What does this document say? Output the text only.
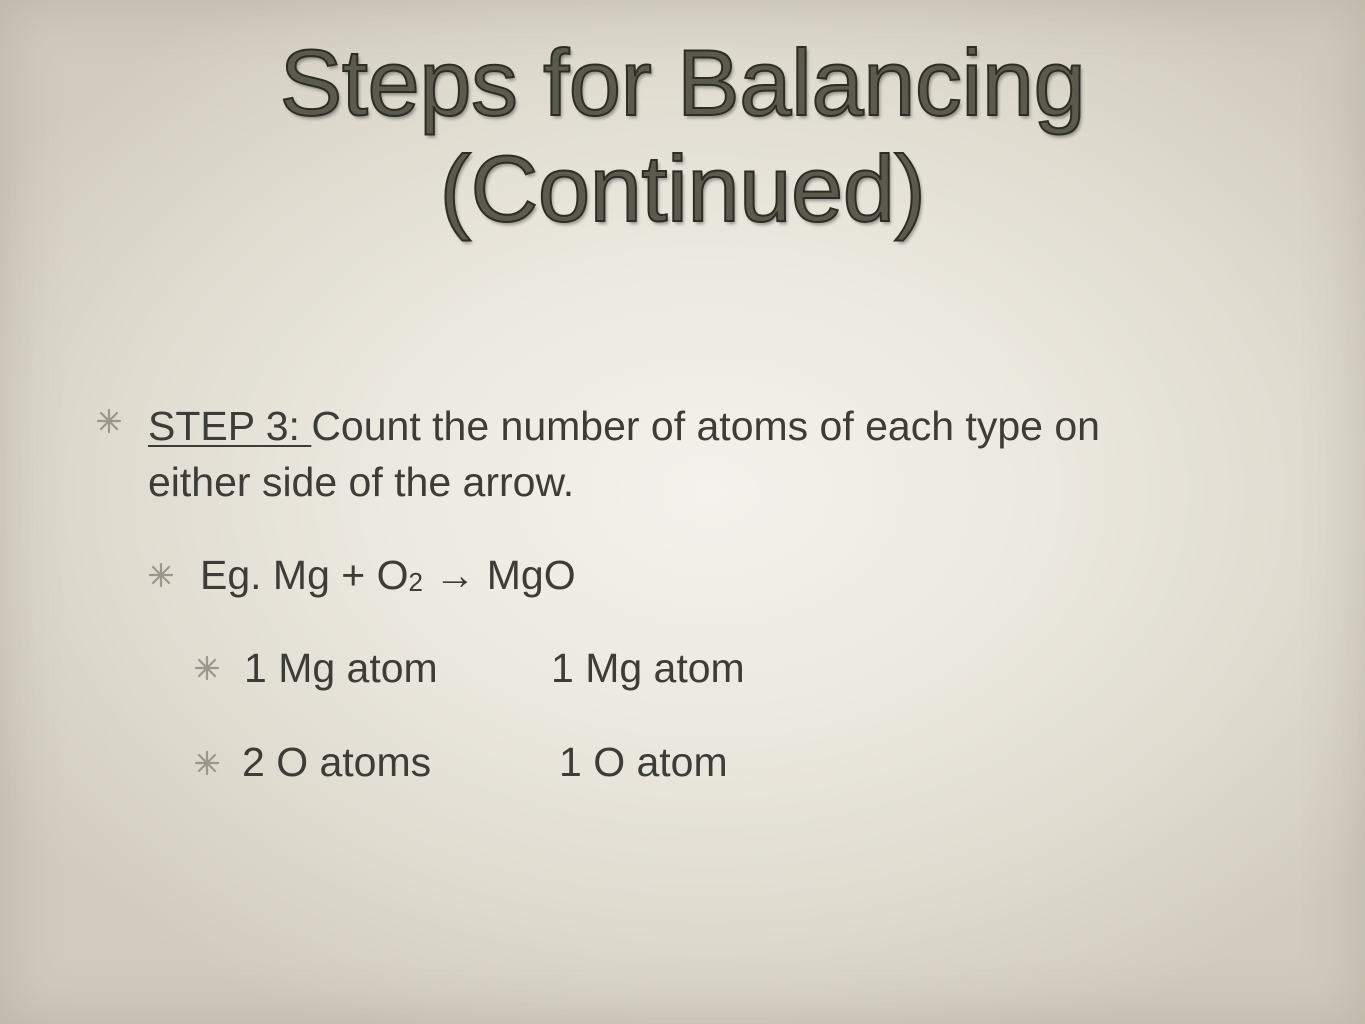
Steps for Balancing
(Continued)
STEP 3: Count the number of atoms of each type on
either side of the arrow.
Eg. $Mg + O_2$ → MgO
1 Mg atom	1 Mg atom
2 O atoms	1 O atom
